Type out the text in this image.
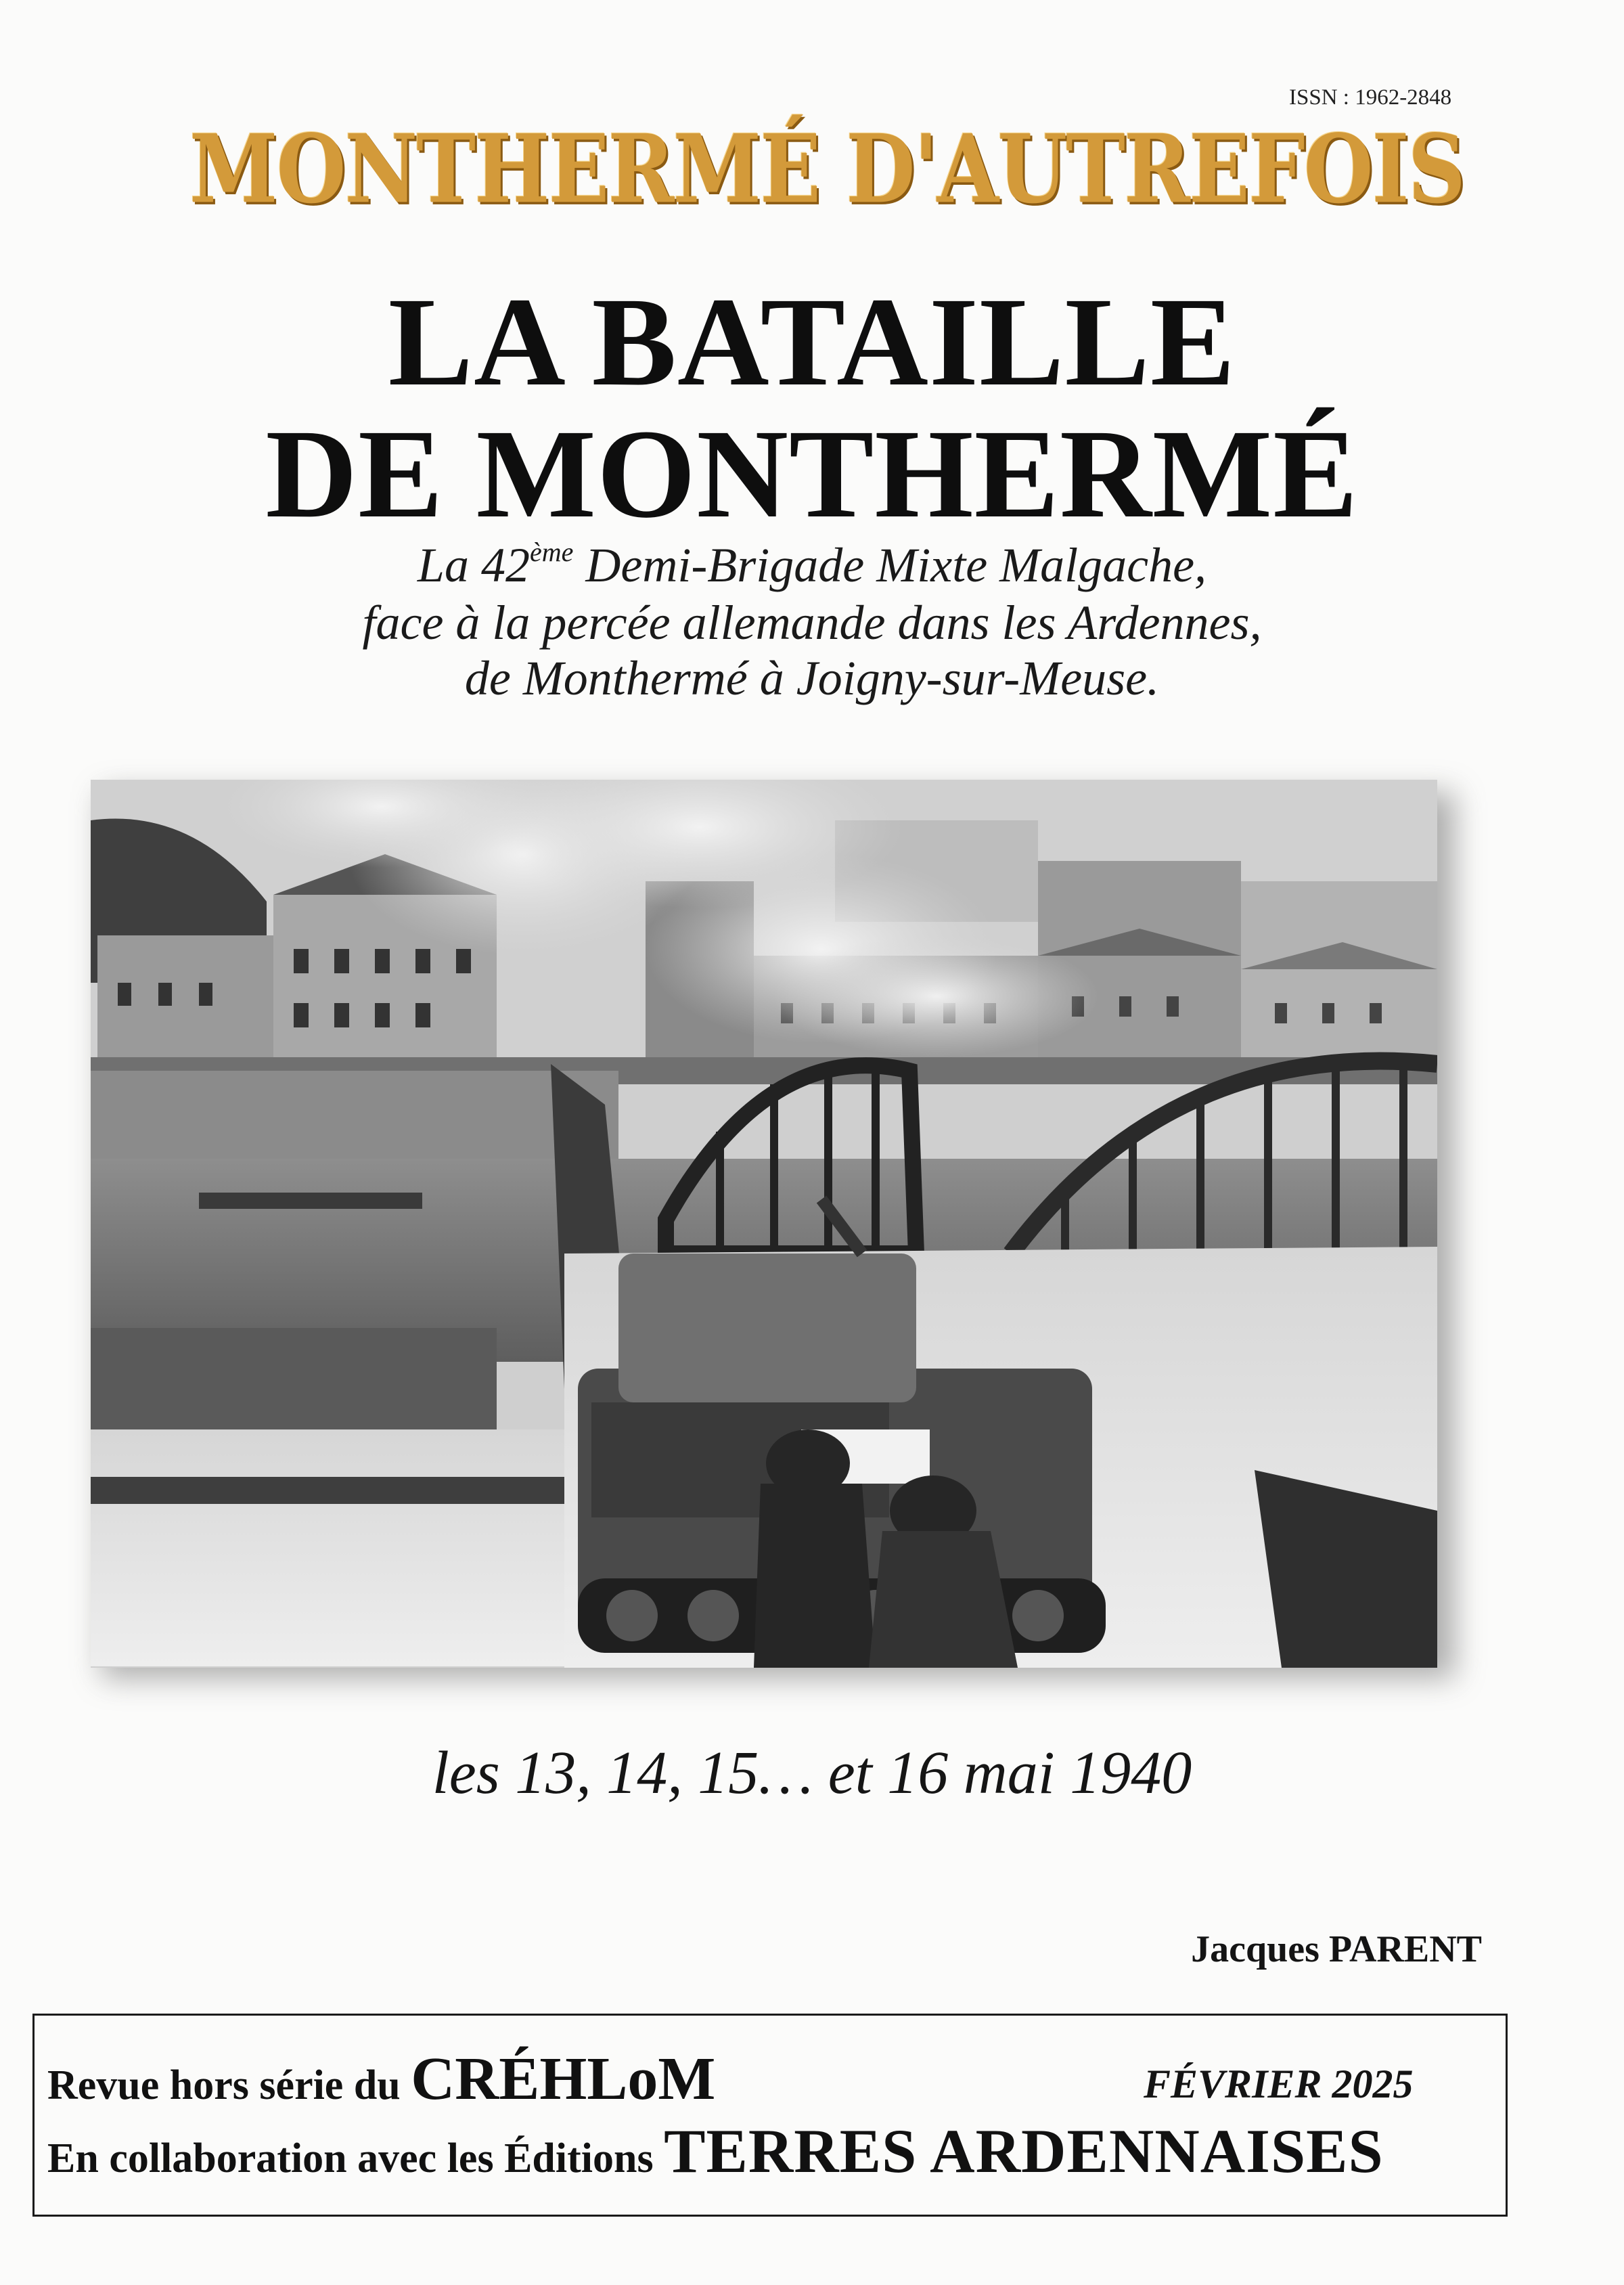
ISSN : 1962-2848
MONTHERMÉ D'AUTREFOIS
LA BATAILLE
DE MONTHERMÉ
La 42ème Demi-Brigade Mixte Malgache,
face à la percée allemande dans les Ardennes,
de Monthermé à Joigny-sur-Meuse.
les 13, 14, 15… et 16 mai 1940
Jacques PARENT
Revue hors série du CRÉHLoM	FÉVRIER 2025
En collaboration avec les Éditions TERRES ARDENNAISES
